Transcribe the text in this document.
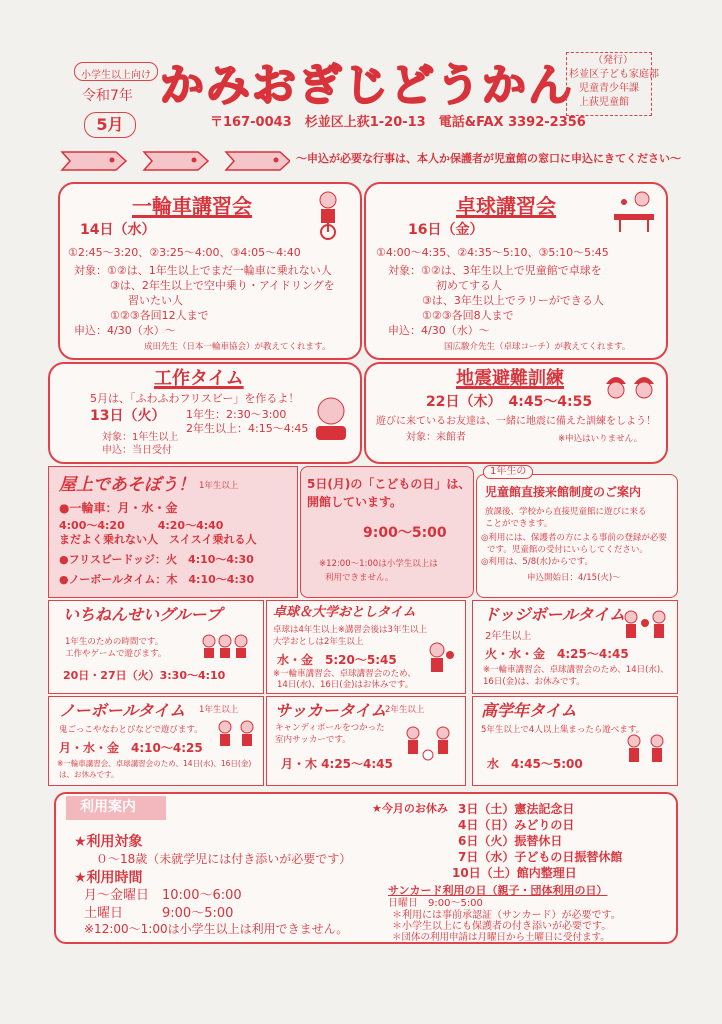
小学生以上向け
令和7年
5月
かみおぎじどうかん （発行）
杉並区子ども家庭部
児童青少年課
上荻児童館
〒167-0043　杉並区上荻1-20-13　電話&FAX 3392-2356
～申込が必要な行事は、本人か保護者が児童館の窓口に申込にきてください～
一輪車講習会
14日（水）
①2:45～3:20、②3:25～4:00、③4:05～4:40
対象：①②は、1年生以上でまだ一輪車に乗れない人
③は、2年生以上で空中乗り・アイドリングを
習いたい人
①②③各回12人まで
申込：4/30（水）～
成田先生（日本一輪車協会）が教えてくれます。
卓球講習会
16日（金）
①4:00～4:35、②4:35～5:10、③5:10～5:45
対象：①②は、3年生以上で児童館で卓球を
初めてする人
③は、3年生以上でラリーができる人
①②③各回8人まで
申込：4/30（水）～
国広駿介先生（卓球コーチ）が教えてくれます。
工作タイム
5月は、「ふわふわフリスビー」を作るよ！
13日（火） 1年生：2:30～3:00
2年生以上：4:15～4:45
対象：1年生以上
申込：当日受付
地震避難訓練
22日（木）　4:45～4:55
遊びに来ているお友達は、一緒に地震に備えた訓練をしよう！
対象：来館者	※申込はいりません。
屋上であそぼう！ 1年生以上
●一輪車：月・水・金
4:00～4:20　　　4:20～4:40
まだよく乗れない人　スイスイ乗れる人
●フリスビードッジ：火　4:10～4:30
●ノーボールタイム：木　4:10～4:30
5日(月)の「こどもの日」は、
開館しています。
9:00～5:00
※12:00～1:00は小学生以上は
利用できません。
1年生の
児童館直接来館制度のご案内
放課後、学校から直接児童館に遊びに来る
ことができます。
◎利用には、保護者の方による事前の登録が必要
です。児童館の受付にいらしてください。
◎利用は、5/8(水)からです。
申込開始日：4/15(火)～
いちねんせいグループ
1年生のための時間です。
工作やゲームで遊びます。
20日・27日（火）3:30～4:10
卓球＆大学おとしタイム
卓球は4年生以上※講習会後は3年生以上
大学おとしは2年生以上
水・金　5:20～5:45
※一輪車講習会、卓球講習会のため、
14日(水)、16日(金)はお休みです。
ドッジボールタイム
2年生以上
火・水・金　4:25～4:45
※一輪車講習会、卓球講習会のため、14日(水)、
16日(金)は、お休みです。
ノーボールタイム 1年生以上
鬼ごっこやなわとびなどで遊びます。
月・水・金　4:10～4:25
※一輪車講習会、卓球講習会のため、14日(水)、16日(金)
は、お休みです。
サッカータイム
2年生以上
キャンディボールをつかった
室内サッカーです。
月・木 4:25～4:45
高学年タイム
5年生以上で4人以上集まったら遊べます。
水　4:45～5:00
利用案内
★利用対象
０～18歳（未就学児には付き添いが必要です）
★利用時間
月～金曜日　10:00～6:00
土曜日　　　9:00～5:00
※12:00～1:00は小学生以上は利用できません。
★今月のお休み 3日（土）憲法記念日
4日（日）みどりの日
6日（火）振替休日
7日（水）子どもの日振替休館
10日（土）館内整理日
サンカード利用の日（親子・団体利用の日）
日曜日　9:00～5:00
＊利用には事前承認証（サンカード）が必要です。
＊小学生以上にも保護者の付き添いが必要です。
＊団体の利用申請は月曜日から土曜日に受付ます。
